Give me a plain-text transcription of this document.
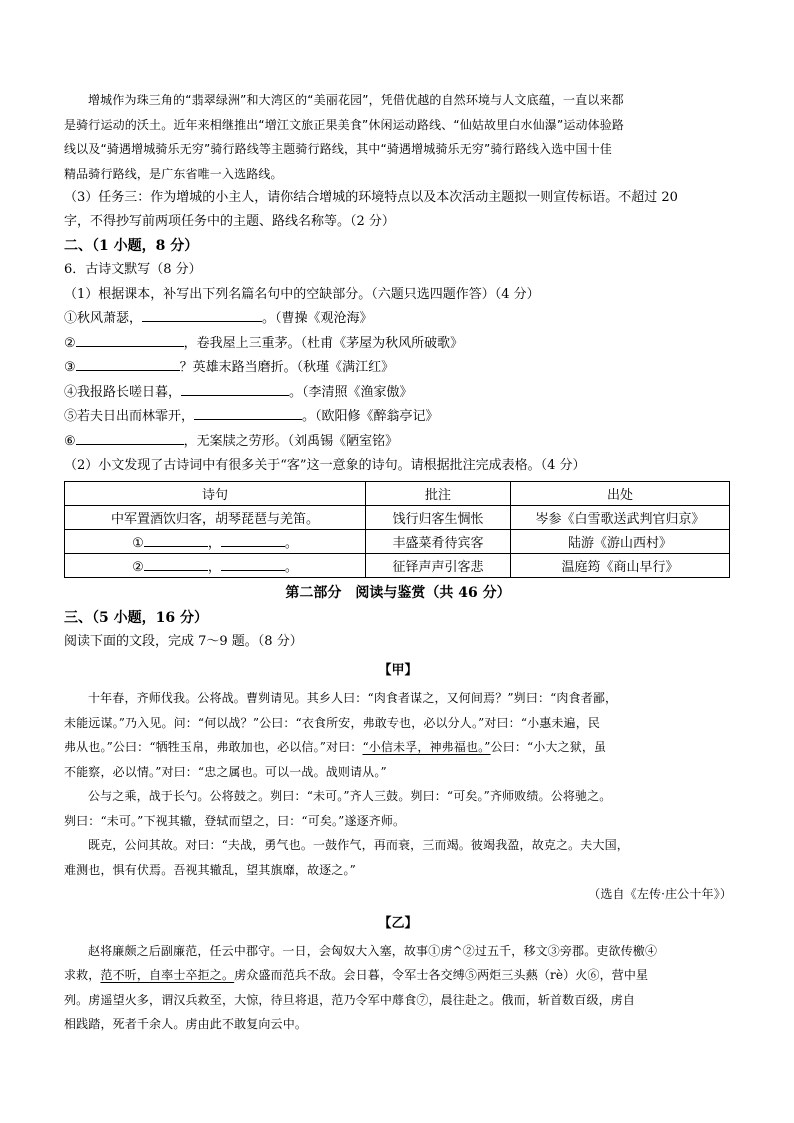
增城作为珠三角的“翡翠绿洲”和大湾区的“美丽花园”，凭借优越的自然环境与人文底蕴，一直以来都

是骑行运动的沃土。近年来相继推出“增江文旅正果美食”休闲运动路线、“仙姑故里白水仙瀑”运动体验路

线以及“骑遇增城骑乐无穷”骑行路线等主题骑行路线，其中“骑遇增城骑乐无穷”骑行路线入选中国十佳

精品骑行路线，是广东省唯一入选路线。

（3）任务三：作为增城的小主人，请你结合增城的环境特点以及本次活动主题拟一则宣传标语。不超过 20

字，不得抄写前两项任务中的主题、路线名称等。（2 分）

二、（1 小题，8 分）

6．古诗文默写（8 分）

（1）根据课本，补写出下列名篇名句中的空缺部分。（六题只选四题作答）（4 分）

①秋风萧瑟，	。（曹操《观沧海》

②	，卷我屋上三重茅。（杜甫《茅屋为秋风所破歌》

③	？英雄末路当磨折。（秋瑾《满江红》

④我报路长嗟日暮，	。（李清照《渔家傲》

⑤若夫日出而林霏开，	。（欧阳修《醉翁亭记》

⑥	，无案牍之劳形。（刘禹锡《陋室铭》

（2）小文发现了古诗词中有很多关于“客”这一意象的诗句。请根据批注完成表格。（4 分）

诗句	批注	出处
中军置酒饮归客，胡琴琵琶与羌笛。	饯行归客生惆怅	岑参《白雪歌送武判官归京》
① ， 。	丰盛菜肴待宾客	陆游《游山西村》
② ， 。	征铎声声引客悲	温庭筠《商山早行》

第二部分　阅读与鉴赏（共 46 分）

三、（5 小题，16 分）

阅读下面的文段，完成 7～9 题。（8 分）

【甲】

十年春，齐师伐我。公将战。曹刿请见。其乡人曰：“肉食者谋之，又何间焉？”刿曰：“肉食者鄙，

未能远谋。”乃入见。问：“何以战？”公曰：“衣食所安，弗敢专也，必以分人。”对曰：“小惠未遍，民

弗从也。”公曰：“牺牲玉帛，弗敢加也，必以信。”对曰：“小信未孚，神弗福也。”公曰：“小大之狱，虽

不能察，必以情。”对曰：“忠之属也。可以一战。战则请从。”

公与之乘，战于长勺。公将鼓之。刿曰：“未可。”齐人三鼓。刿曰：“可矣。”齐师败绩。公将驰之。

刿曰：“未可。”下视其辙，登轼而望之，曰：“可矣。”遂逐齐师。

既克，公问其故。对曰：“夫战，勇气也。一鼓作气，再而衰，三而竭。彼竭我盈，故克之。夫大国，

难测也，惧有伏焉。吾视其辙乱，望其旗靡，故逐之。”

（选自《左传·庄公十年》）

【乙】

赵将廉颇之后副廉范，任云中郡守。一日，会匈奴大入塞，故事①虏^②过五千，移文③旁郡。吏欲传檄④

求救，范不听，自率士卒拒之。虏众盛而范兵不敌。会日暮，令军士各交缚⑤两炬三头爇（rè）火⑥，营中星

列。虏遥望火多，谓汉兵救至，大惊，待旦将退，范乃令军中蓐食⑦，晨往赴之。俄而，斩首数百级，虏自

相践踏，死者千余人。虏由此不敢复向云中。
